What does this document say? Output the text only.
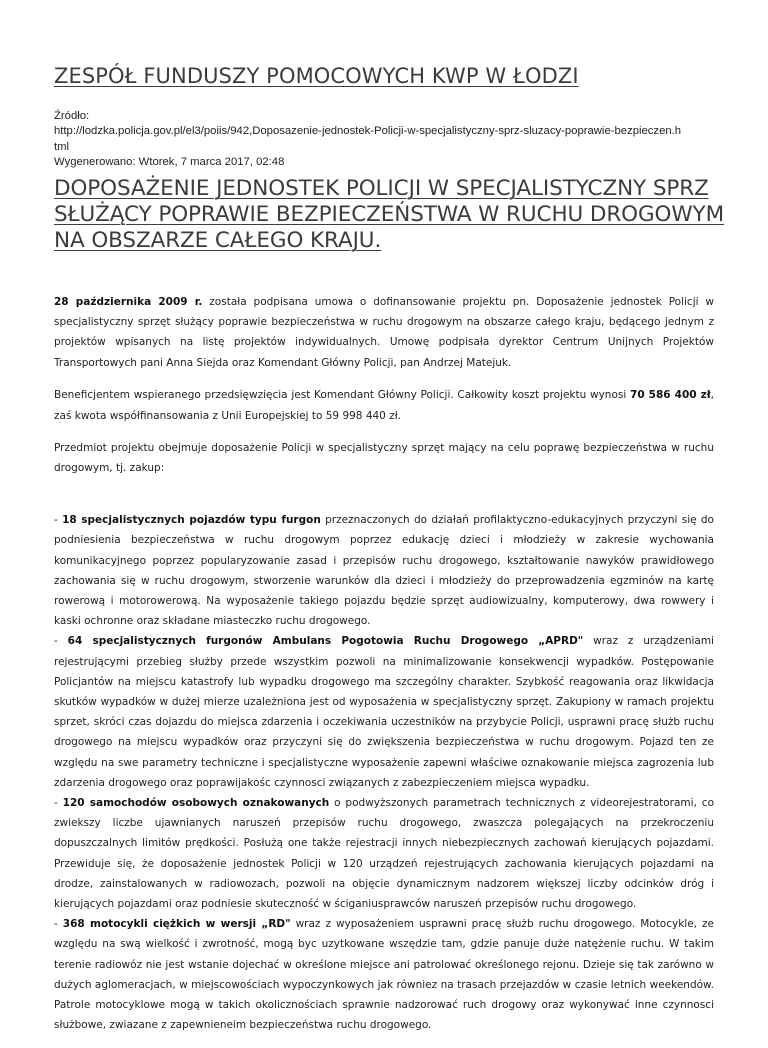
ZESPÓŁ FUNDUSZY POMOCOWYCH KWP W ŁODZI
Źródło:
http://lodzka.policja.gov.pl/el3/poiis/942,Doposazenie-jednostek-Policji-w-specjalistyczny-sprz-sluzacy-poprawie-bezpieczen.h
tml
Wygenerowano: Wtorek, 7 marca 2017, 02:48
DOPOSAŻENIE JEDNOSTEK POLICJI W SPECJALISTYCZNY SPRZ SŁUŻĄCY POPRAWIE BEZPIECZEŃSTWA W RUCHU DROGOWYM NA OBSZARZE CAŁEGO KRAJU.

28 października 2009 r. została podpisana umowa o dofinansowanie projektu pn. Doposażenie jednostek Policji w specjalistyczny sprzęt służący poprawie bezpieczeństwa w ruchu drogowym na obszarze całego kraju, będącego jednym z projektów wpisanych na listę projektów indywidualnych. Umowę podpisała dyrektor Centrum Unijnych Projektów Transportowych pani Anna Siejda oraz Komendant Główny Policji, pan Andrzej Matejuk.

Beneficjentem wspieranego przedsięwzięcia jest Komendant Główny Policji. Całkowity koszt projektu wynosi 70 586 400 zł, zaś kwota współfinansowania z Unii Europejskiej to 59 998 440 zł.

Przedmiot projektu obejmuje doposażenie Policji w specjalistyczny sprzęt mający na celu poprawę bezpieczeństwa w ruchu drogowym, tj. zakup:

- 18 specjalistycznych pojazdów typu furgon przeznaczonych do działań profilaktyczno-edukacyjnych przyczyni się do podniesienia bezpieczeństwa w ruchu drogowym poprzez edukację dzieci i młodzieży w zakresie wychowania komunikacyjnego poprzez popularyzowanie zasad i przepisów ruchu drogowego, kształtowanie nawyków prawidłowego zachowania się w ruchu drogowym, stworzenie warunków dla dzieci i młodzieży do przeprowadzenia egzminów na kartę rowerową i motorowerową. Na wyposażenie takiego pojazdu będzie sprzęt audiowizualny, komputerowy, dwa rowwery i kaski ochronne oraz składane miasteczko ruchu drogowego.
- 64 specjalistycznych furgonów Ambulans Pogotowia Ruchu Drogowego „APRD" wraz z urządzeniami rejestrującymi przebieg służby przede wszystkim pozwoli na minimalizowanie konsekwencji wypadków. Postępowanie Policjantów na miejscu katastrofy lub wypadku drogowego ma szczególny charakter. Szybkość reagowania oraz likwidacja skutków wypadków w dużej mierze uzależniona jest od wyposażenia w specjalistyczny sprzęt. Zakupiony w ramach projektu sprzet, skróci czas dojazdu do miejsca zdarzenia i oczekiwania uczestników na przybycie Policji, usprawni pracę służb ruchu drogowego na miejscu wypadków oraz przyczyni się do zwiększenia bezpieczeństwa w ruchu drogowym. Pojazd ten ze względu na swe parametry techniczne i specjalistyczne wyposażenie zapewni właściwe oznakowanie miejsca zagrozenia lub zdarzenia drogowego oraz poprawijakośc czynnosci związanych z zabezpieczeniem miejsca wypadku.
- 120 samochodów osobowych oznakowanych o podwyższonych parametrach technicznych z videorejestratorami, co zwiekszy liczbe ujawnianych naruszeń przepisów ruchu drogowego, zwaszcza polegających na przekroczeniu dopuszczalnych limitów prędkości. Posłużą one także rejestracji innych niebezpiecznych zachowań kierujących pojazdami. Przewiduje się, że doposażenie jednostek Policji w 120 urządzeń rejestrujących zachowania kierujących pojazdami na drodze, zainstalowanych w radiowozach, pozwoli na objęcie dynamicznym nadzorem większej liczby odcinków dróg i kierujących pojazdami oraz podniesie skuteczność w ściganiusprawców naruszeń przepisów ruchu drogowego.
- 368 motocykli ciężkich w wersji „RD" wraz z wyposażeniem usprawni pracę służb ruchu drogowego. Motocykle, ze względu na swą wielkość i zwrotność, mogą byc uzytkowane wszędzie tam, gdzie panuje duże natężenie ruchu. W takim terenie radiowóz nie jest wstanie dojechać w określone miejsce ani patrolować określonego rejonu. Dzieje się tak zarówno w dużych aglomeracjach, w miejscowościach wypoczynkowych jak równiez na trasach przejazdów w czasie letnich weekendów. Patrole motocyklowe mogą w takich okolicznościach sprawnie nadzorować ruch drogowy oraz wykonywać inne czynnosci służbowe, zwiazane z zapewnieneim bezpieczeństwa ruchu drogowego.
